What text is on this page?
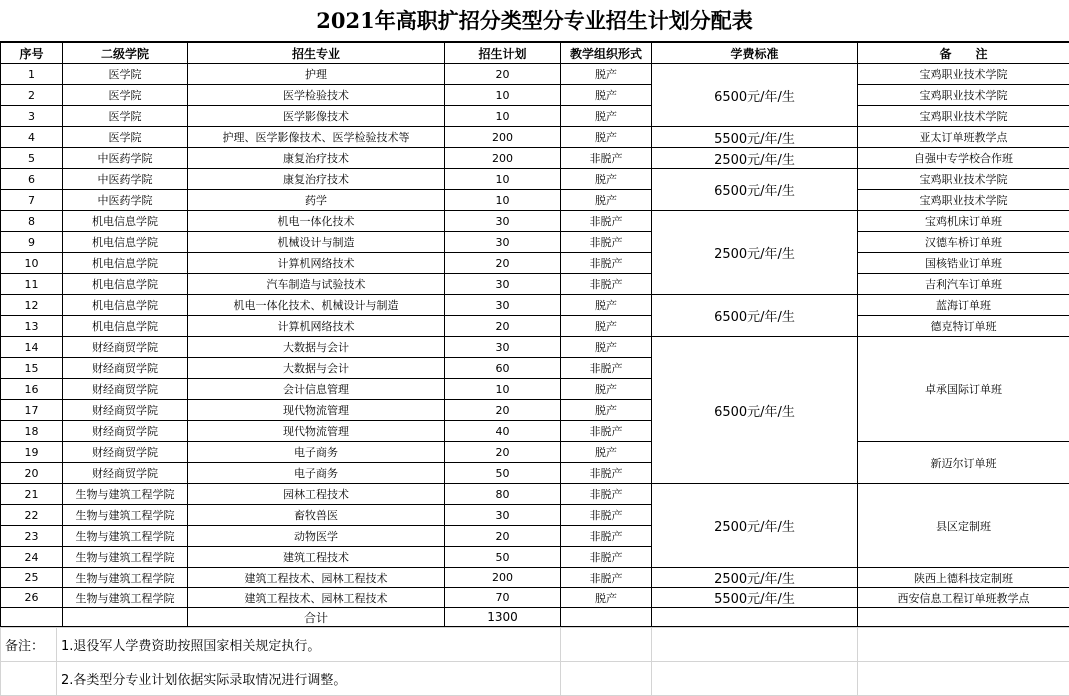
2021年高职扩招分类型分专业招生计划分配表
序号	二级学院	招生专业	招生计划	教学组织形式	学费标准	备　　注
1	医学院	护理	20	脱产	6500元/年/生	宝鸡职业技术学院
2	医学院	医学检验技术	10	脱产		宝鸡职业技术学院
3	医学院	医学影像技术	10	脱产		宝鸡职业技术学院
4	医学院	护理、医学影像技术、医学检验技术等	200	脱产	5500元/年/生	亚太订单班教学点
5	中医药学院	康复治疗技术	200	非脱产	2500元/年/生	自强中专学校合作班
6	中医药学院	康复治疗技术	10	脱产	6500元/年/生	宝鸡职业技术学院
7	中医药学院	药学	10	脱产		宝鸡职业技术学院
8	机电信息学院	机电一体化技术	30	非脱产	2500元/年/生	宝鸡机床订单班
9	机电信息学院	机械设计与制造	30	非脱产		汉德车桥订单班
10	机电信息学院	计算机网络技术	20	非脱产		国核锆业订单班
11	机电信息学院	汽车制造与试验技术	30	非脱产		吉利汽车订单班
12	机电信息学院	机电一体化技术、机械设计与制造	30	脱产	6500元/年/生	蓝海订单班
13	机电信息学院	计算机网络技术	20	脱产		德克特订单班
14	财经商贸学院	大数据与会计	30	脱产	6500元/年/生	卓承国际订单班
15	财经商贸学院	大数据与会计	60	非脱产		
16	财经商贸学院	会计信息管理	10	脱产		
17	财经商贸学院	现代物流管理	20	脱产		
18	财经商贸学院	现代物流管理	40	非脱产		
19	财经商贸学院	电子商务	20	脱产		新迈尔订单班
20	财经商贸学院	电子商务	50	非脱产		
21	生物与建筑工程学院	园林工程技术	80	非脱产	2500元/年/生	县区定制班
22	生物与建筑工程学院	畜牧兽医	30	非脱产		
23	生物与建筑工程学院	动物医学	20	非脱产		
24	生物与建筑工程学院	建筑工程技术	50	非脱产		
25	生物与建筑工程学院	建筑工程技术、园林工程技术	200	非脱产	2500元/年/生	陕西上德科技定制班
26	生物与建筑工程学院	建筑工程技术、园林工程技术	70	脱产	5500元/年/生	西安信息工程订单班教学点
		合计	1300			
备注：	1.退役军人学费资助按照国家相关规定执行。			
	2.各类型分专业计划依据实际录取情况进行调整。			
